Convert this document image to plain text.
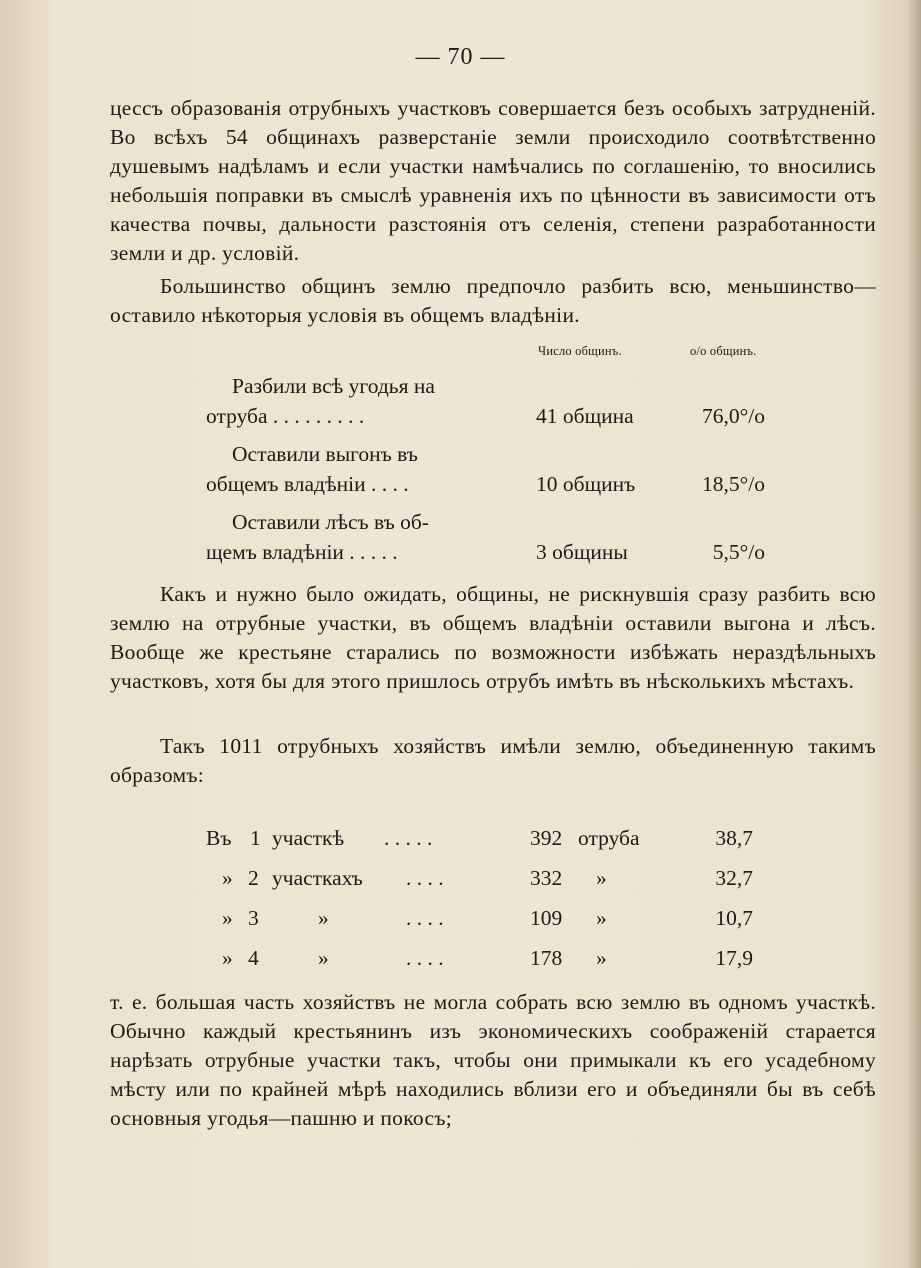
— 70 —

цессъ образованія отрубныхъ участковъ совершается безъ особыхъ затрудненій. Во всѣхъ 54 общинахъ разверстаніе земли происходило соотвѣтственно душевымъ надѣламъ и если участки намѣчались по соглашенію, то вносились небольшія поправки въ смыслѣ уравненія ихъ по цѣнности въ зависимости отъ качества почвы, дальности разстоянія отъ селенія, степени разработанности земли и др. условій.

Большинство общинъ землю предпочло разбить всю, меньшинство—оставило нѣкоторыя условія въ общемъ владѣніи.

Число общинъ.	о/о общинъ.
Разбили всѣ угодья на
отруба . . . . . . . . .	41 община	76,0°/о
Оставили выгонъ въ
общемъ владѣніи . . . .	10 общинъ	18,5°/о
Оставили лѣсъ въ об-
щемъ владѣніи . . . . .	3 общины	5,5°/о

Какъ и нужно было ожидать, общины, не рискнувшія сразу разбить всю землю на отрубные участки, въ общемъ владѣніи оставили выгона и лѣсъ. Вообще же крестьяне старались по возможности избѣжать нераздѣльныхъ участковъ, хотя бы для этого пришлось отрубъ имѣть въ нѣсколькихъ мѣстахъ.

Такъ 1011 отрубныхъ хозяйствъ имѣли землю, объединенную такимъ образомъ:

Въ 1 участкѣ . . . . .	392 отруба	38,7
» 2 участкахъ . . . .	332 »	32,7
» 3	»	. . . .	109 »	10,7
» 4	»	. . . .	178 »	17,9

т. е. большая часть хозяйствъ не могла собрать всю землю въ одномъ участкѣ. Обычно каждый крестьянинъ изъ экономическихъ соображеній старается нарѣзать отрубные участки такъ, чтобы они примыкали къ его усадебному мѣсту или по крайней мѣрѣ находились вблизи его и объединяли бы въ себѣ основныя угодья—пашню и покосъ;
